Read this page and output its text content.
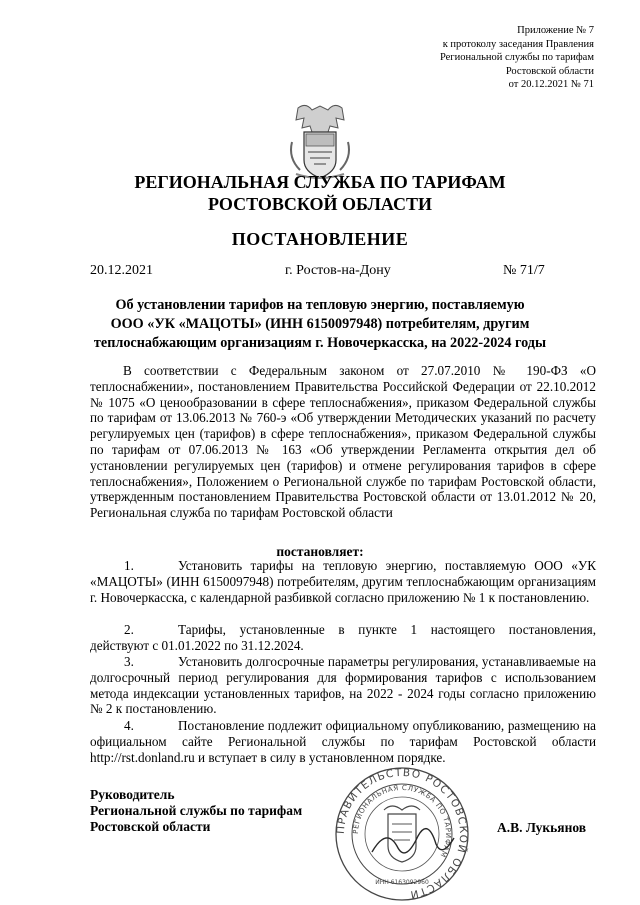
Приложение № 7
к протоколу заседания Правления
Региональной службы по тарифам
Ростовской области
от 20.12.2021 № 71
РЕГИОНАЛЬНАЯ СЛУЖБА ПО ТАРИФАМ
РОСТОВСКОЙ ОБЛАСТИ
ПОСТАНОВЛЕНИЕ
20.12.2021	г. Ростов-на-Дону	№ 71/7
Об установлении тарифов на тепловую энергию, поставляемую
ООО «УК «МАЦОТЫ» (ИНН 6150097948) потребителям, другим
теплоснабжающим организациям г. Новочеркасска, на 2022-2024 годы
В соответствии с Федеральным законом от 27.07.2010 № 190-ФЗ «О теплоснабжении», постановлением Правительства Российской Федерации от 22.10.2012 № 1075 «О ценообразовании в сфере теплоснабжения», приказом Федеральной службы по тарифам от 13.06.2013 № 760-э «Об утверждении Методических указаний по расчету регулируемых цен (тарифов) в сфере теплоснабжения», приказом Федеральной службы по тарифам от 07.06.2013 № 163 «Об утверждении Регламента открытия дел об установлении регулируемых цен (тарифов) и отмене регулирования тарифов в сфере теплоснабжения», Положением о Региональной службе по тарифам Ростовской области, утвержденным постановлением Правительства Ростовской области от 13.01.2012 № 20, Региональная служба по тарифам Ростовской области
постановляет:
1.	Установить тарифы на тепловую энергию, поставляемую ООО «УК «МАЦОТЫ» (ИНН 6150097948) потребителям, другим теплоснабжающим организациям г. Новочеркасска, с календарной разбивкой согласно приложению № 1 к постановлению.
2.	Тарифы, установленные в пункте 1 настоящего постановления, действуют с 01.01.2022 по 31.12.2024.
3.	Установить долгосрочные параметры регулирования, устанавливаемые на долгосрочный период регулирования для формирования тарифов с использованием метода индексации установленных тарифов, на 2022 - 2024 годы согласно приложению № 2 к постановлению.
4.	Постановление подлежит официальному опубликованию, размещению на официальном сайте Региональной службы по тарифам Ростовской области http://rst.donland.ru и вступает в силу в установленном порядке.
Руководитель
Региональной службы по тарифам
Ростовской области	ПРАВИТЕЛЬСТВО РОСТОВСКОЙ ОБЛАСТИ
РЕГИОНАЛЬНАЯ СЛУЖБА ПО ТАРИФАМ
ИНН 6163092960
А.В. Лукьянов
